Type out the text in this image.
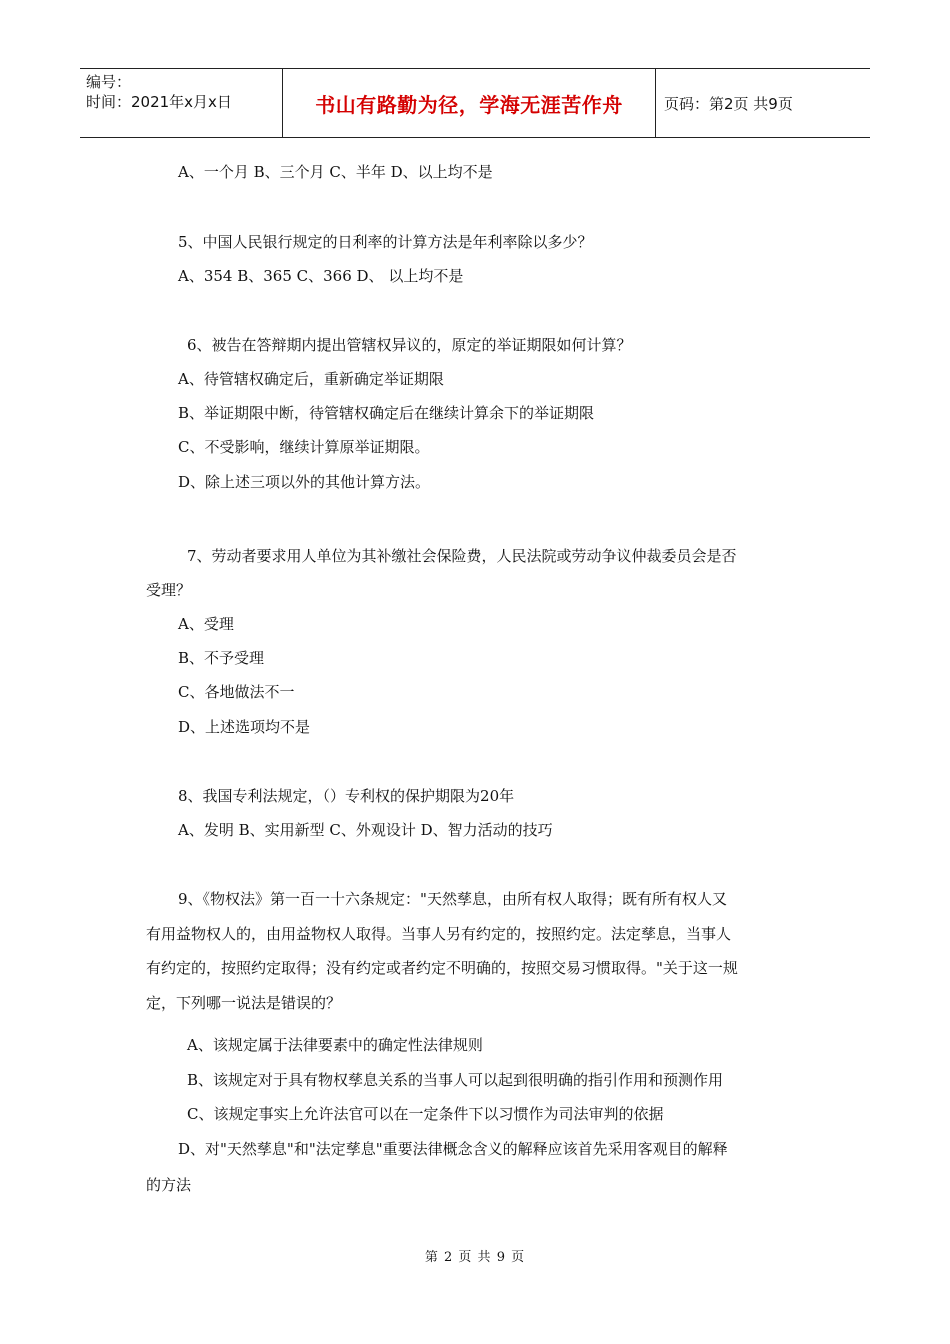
编号：
时间：2021年x月x日	书山有路勤为径，学海无涯苦作舟	页码：第2页 共9页
A、一个月 B、三个月 C、半年 D、以上均不是
5、中国人民银行规定的日利率的计算方法是年利率除以多少？
A、354 B、365 C、366 D、 以上均不是
6、被告在答辩期内提出管辖权异议的，原定的举证期限如何计算？
A、待管辖权确定后，重新确定举证期限
B、举证期限中断，待管辖权确定后在继续计算余下的举证期限
C、不受影响，继续计算原举证期限。
D、除上述三项以外的其他计算方法。
7、劳动者要求用人单位为其补缴社会保险费，人民法院或劳动争议仲裁委员会是否
受理？
A、受理
B、不予受理
C、各地做法不一
D、上述选项均不是
8、我国专利法规定，（）专利权的保护期限为20年
A、发明 B、实用新型 C、外观设计 D、智力活动的技巧
9、《物权法》第一百一十六条规定："天然孳息，由所有权人取得；既有所有权人又
有用益物权人的，由用益物权人取得。当事人另有约定的，按照约定。法定孳息，当事人
有约定的，按照约定取得；没有约定或者约定不明确的，按照交易习惯取得。"关于这一规
定，下列哪一说法是错误的？
A、该规定属于法律要素中的确定性法律规则
B、该规定对于具有物权孳息关系的当事人可以起到很明确的指引作用和预测作用
C、该规定事实上允许法官可以在一定条件下以习惯作为司法审判的依据
D、对"天然孳息"和"法定孳息"重要法律概念含义的解释应该首先采用客观目的解释
的方法
第 2 页 共 9 页
